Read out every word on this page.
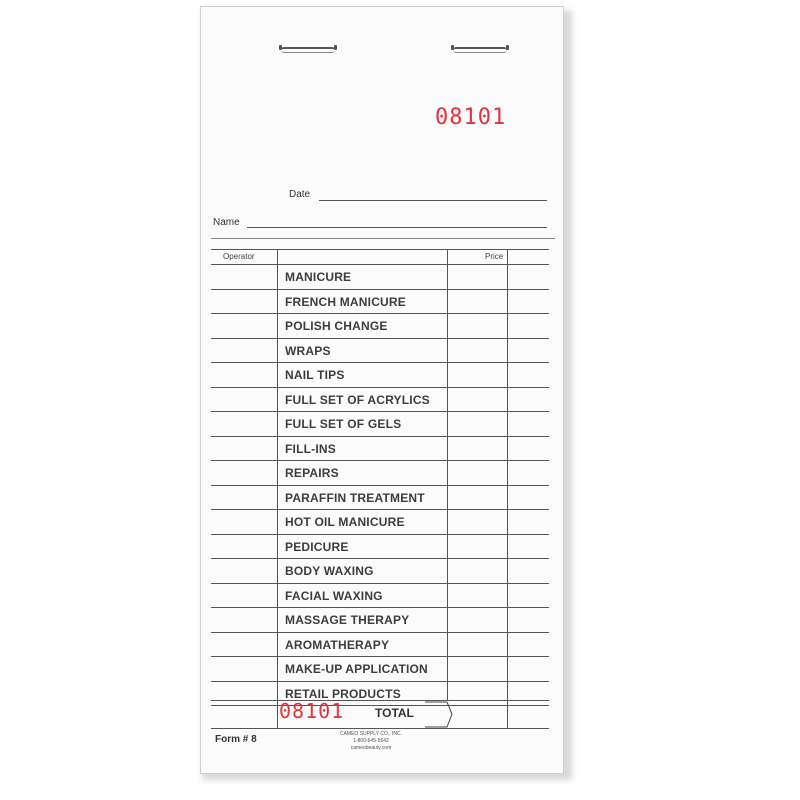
08101
Date
Name
Operator	Price
MANICURE
FRENCH MANICURE
POLISH CHANGE
WRAPS
NAIL TIPS
FULL SET OF ACRYLICS
FULL SET OF GELS
FILL-INS
REPAIRS
PARAFFIN TREATMENT
HOT OIL MANICURE
PEDICURE
BODY WAXING
FACIAL WAXING
MASSAGE THERAPY
AROMATHERAPY
MAKE-UP APPLICATION
RETAIL PRODUCTS
08101	TOTAL
Form # 8	CAMEO SUPPLY CO., INC.
1-800-645-5642
cameobeauty.com
